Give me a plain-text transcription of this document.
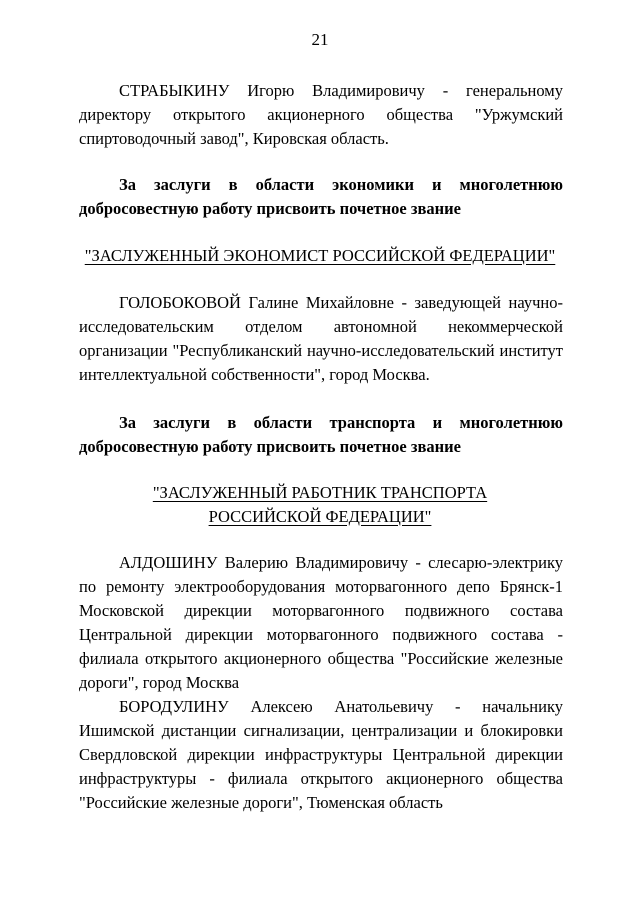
21

СТРАБЫКИНУ Игорю Владимировичу - генеральному директору открытого акционерного общества "Уржумский спиртоводочный завод", Кировская область.

За заслуги в области экономики и многолетнюю добросовестную работу присвоить почетное звание

"ЗАСЛУЖЕННЫЙ ЭКОНОМИСТ РОССИЙСКОЙ ФЕДЕРАЦИИ"

ГОЛОБОКОВОЙ Галине Михайловне - заведующей научно-исследовательским отделом автономной некоммерческой организации "Республиканский научно-исследовательский институт интеллектуальной собственности", город Москва.

За заслуги в области транспорта и многолетнюю добросовестную работу присвоить почетное звание

"ЗАСЛУЖЕННЫЙ РАБОТНИК ТРАНСПОРТА
РОССИЙСКОЙ ФЕДЕРАЦИИ"

АЛДОШИНУ Валерию Владимировичу - слесарю-электрику по ремонту электрооборудования моторвагонного депо Брянск-1 Московской дирекции моторвагонного подвижного состава Центральной дирекции моторвагонного подвижного состава - филиала открытого акционерного общества "Российские железные дороги", город Москва

БОРОДУЛИНУ Алексею Анатольевичу - начальнику Ишимской дистанции сигнализации, централизации и блокировки Свердловской дирекции инфраструктуры Центральной дирекции инфраструктуры - филиала открытого акционерного общества "Российские железные дороги", Тюменская область
